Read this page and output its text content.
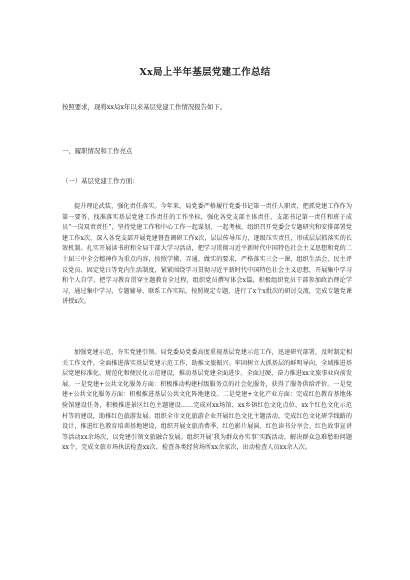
Xx局上半年基层党建工作总结
按照要求，现将xx局x年以来基层党建工作情况报告如下。
一、履职情况和工作亮点
（一）基层党建工作方面：
提升理论武装，强化责任落实。今年来，局党委严格履行党委书记第一责任人职责，把抓党建工作作为第一要务，找准落实基层党建工作责任的工作坐标，强化各党支部主体责任、支部书记第一责任和班子成员“一岗双责责任”，坚持党建工作和中心工作一起谋划、一起考核，组织召开党委会专题研究和安排部署党建工作x次，深入各党支部开展党建督查调研工作x次，层层传导压力，逐级压实责任，形成层层抓落实的长效机制。扎实开展读书班和全局干部大学习活动，把学习贯彻习近平新时代中国特色社会主义思想和党的二十届三中全会精神作为重点内容，按照学懂、弄通、做实的要求，严格落实三会一课，组织生活会、民主评议党员、固定党日等党内生活制度，紧紧围绕学习贯彻习近平新时代中国特色社会主义思想，开展集中学习和个人自学，把学习教育贯穿主题教育全过程，组织党员撰写体会x篇，积极组织党员干部参加政治理论学习，通过集中学习、专题辅导、联系工作实际，按照规定专题，进行了x个x批次的研讨交流，完成专题党课讲授x次。
加强党建示范，夯实党建引领。局党委局党委高度重视基层党建示范工作，迅速研究部署，及时制定相关工作文件，全面推进落实基层党建示范工作，助推文旅振兴。牢固树立大抓基层的鲜明导向，全域推进基层党建标准化、规范化和便民化示范建设，推动基层党建全面进步。全面过硬，奋力推进xx文旅事业向前发展。一是党建+公共文化服务方面：积极推动构建村级服务点的社会化服务，获得了服务供给评价。一是党建+公共文化服务方面：积极推进基层公共文化阵地建设。二是党建+文化产业方面：完成红色教育基地体验馆建设任务，积极推进景区红色主题建设……完成对xx场馆、xx乡镇红色文化点位、xx个红色文化示范村等的建设，助推红色旅游发展。组织全市文化旅游企业开展红色文化主题活动，完成红色文化研学线路的设计，推进红色教育培训基地建设，组织开展文旅消费季、红色影片展演、红色读书分享会、红色故事宣讲等活动xx余场次，以党建引领文旅融合发展。组织开展‘我为群众办实事’实践活动，解决群众急难愁盼问题xx个，完成文旅市场执法检查xx次，检查各类经营场所xx余家次，出动检查人员xx余人次。
